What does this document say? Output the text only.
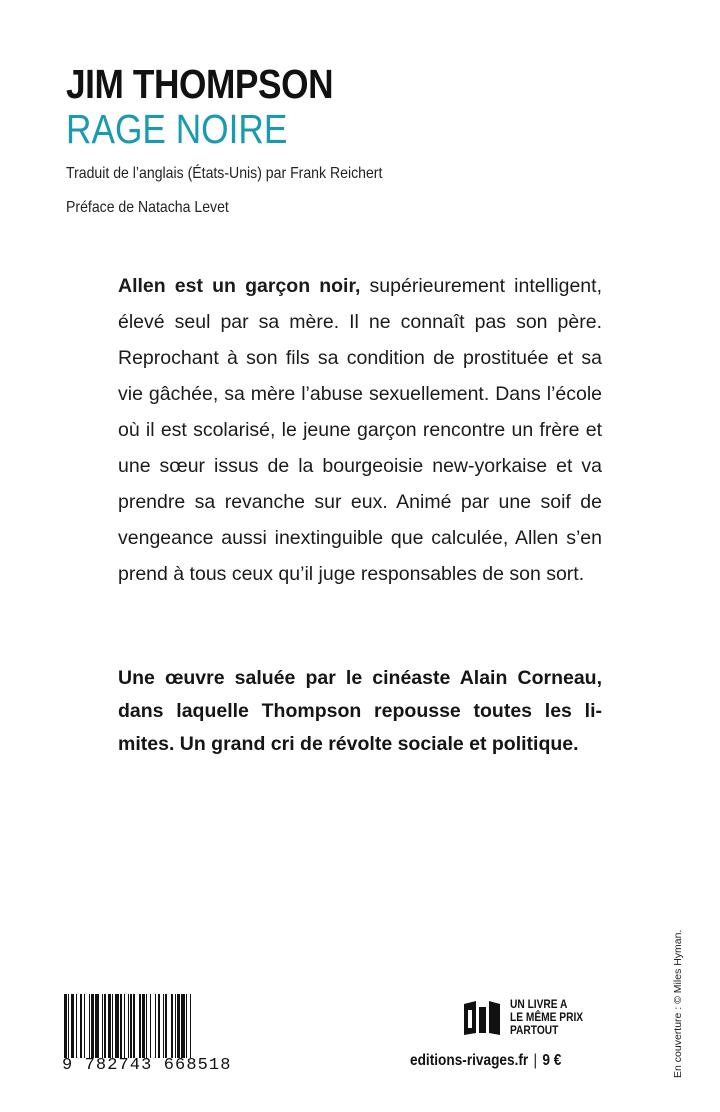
JIM THOMPSON
RAGE NOIRE
Traduit de l’anglais (États-Unis) par Frank Reichert
Préface de Natacha Levet
Allen est un garçon noir, supérieurement intelligent, élevé seul par sa mère. Il ne connaît pas son père. Reprochant à son fils sa condition de prostituée et sa vie gâchée, sa mère l’abuse sexuellement. Dans l’école où il est scolarisé, le jeune garçon rencontre un frère et une sœur issus de la bourgeoisie new-yorkaise et va prendre sa revanche sur eux. Animé par une soif de vengeance aussi inextinguible que calculée, Allen s’en prend à tous ceux qu’il juge responsables de son sort.
Une œuvre saluée par le cinéaste Alain Corneau, dans laquelle Thompson repousse toutes les limites. Un grand cri de révolte sociale et politique.
9 782743 668518
UN LIVRE A
LE MÊME PRIX
PARTOUT
editions-rivages.fr | 9 €	En couverture : © Miles Hyman.
